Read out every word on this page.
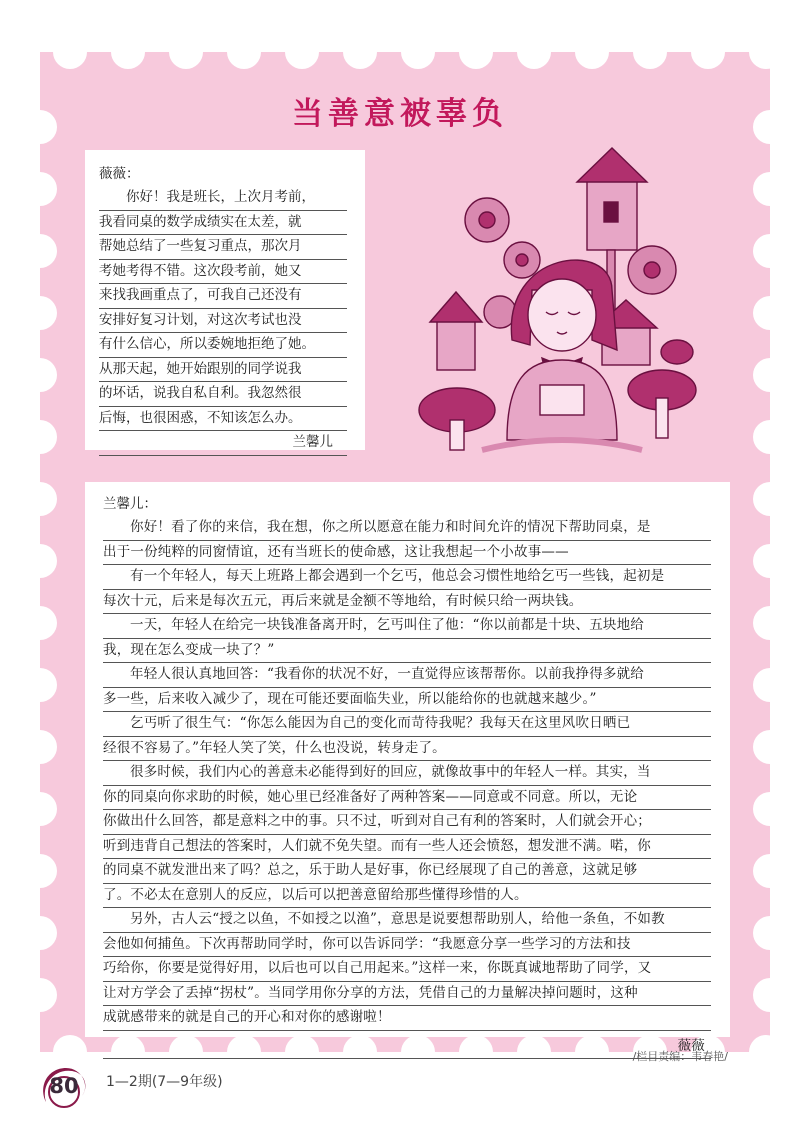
当善意被辜负
薇薇：
你好！我是班长，上次月考前，
我看同桌的数学成绩实在太差，就
帮她总结了一些复习重点，那次月
考她考得不错。这次段考前，她又
来找我画重点了，可我自己还没有
安排好复习计划，对这次考试也没
有什么信心，所以委婉地拒绝了她。
从那天起，她开始跟别的同学说我
的坏话，说我自私自利。我忽然很
后悔，也很困惑，不知该怎么办。
兰馨儿
兰馨儿：
你好！看了你的来信，我在想，你之所以愿意在能力和时间允许的情况下帮助同桌，是
出于一份纯粹的同窗情谊，还有当班长的使命感，这让我想起一个小故事——
有一个年轻人，每天上班路上都会遇到一个乞丐，他总会习惯性地给乞丐一些钱，起初是
每次十元，后来是每次五元，再后来就是金额不等地给，有时候只给一两块钱。
一天，年轻人在给完一块钱准备离开时，乞丐叫住了他：“你以前都是十块、五块地给
我，现在怎么变成一块了？”
年轻人很认真地回答：“我看你的状况不好，一直觉得应该帮帮你。以前我挣得多就给
多一些，后来收入减少了，现在可能还要面临失业，所以能给你的也就越来越少。”
乞丐听了很生气：“你怎么能因为自己的变化而苛待我呢？我每天在这里风吹日晒已
经很不容易了。”年轻人笑了笑，什么也没说，转身走了。
很多时候，我们内心的善意未必能得到好的回应，就像故事中的年轻人一样。其实，当
你的同桌向你求助的时候，她心里已经准备好了两种答案——同意或不同意。所以，无论
你做出什么回答，都是意料之中的事。只不过，听到对自己有利的答案时，人们就会开心；
听到违背自己想法的答案时，人们就不免失望。而有一些人还会愤怒，想发泄不满。喏，你
的同桌不就发泄出来了吗？总之，乐于助人是好事，你已经展现了自己的善意，这就足够
了。不必太在意别人的反应，以后可以把善意留给那些懂得珍惜的人。
另外，古人云“授之以鱼，不如授之以渔”，意思是说要想帮助别人，给他一条鱼，不如教
会他如何捕鱼。下次再帮助同学时，你可以告诉同学：“我愿意分享一些学习的方法和技
巧给你，你要是觉得好用，以后也可以自己用起来。”这样一来，你既真诚地帮助了同学，又
让对方学会了丢掉“拐杖”。当同学用你分享的方法，凭借自己的力量解决掉问题时，这种
成就感带来的就是自己的开心和对你的感谢啦！
薇薇
80	1—2期(7—9年级)
/栏目责编：韦春艳/
